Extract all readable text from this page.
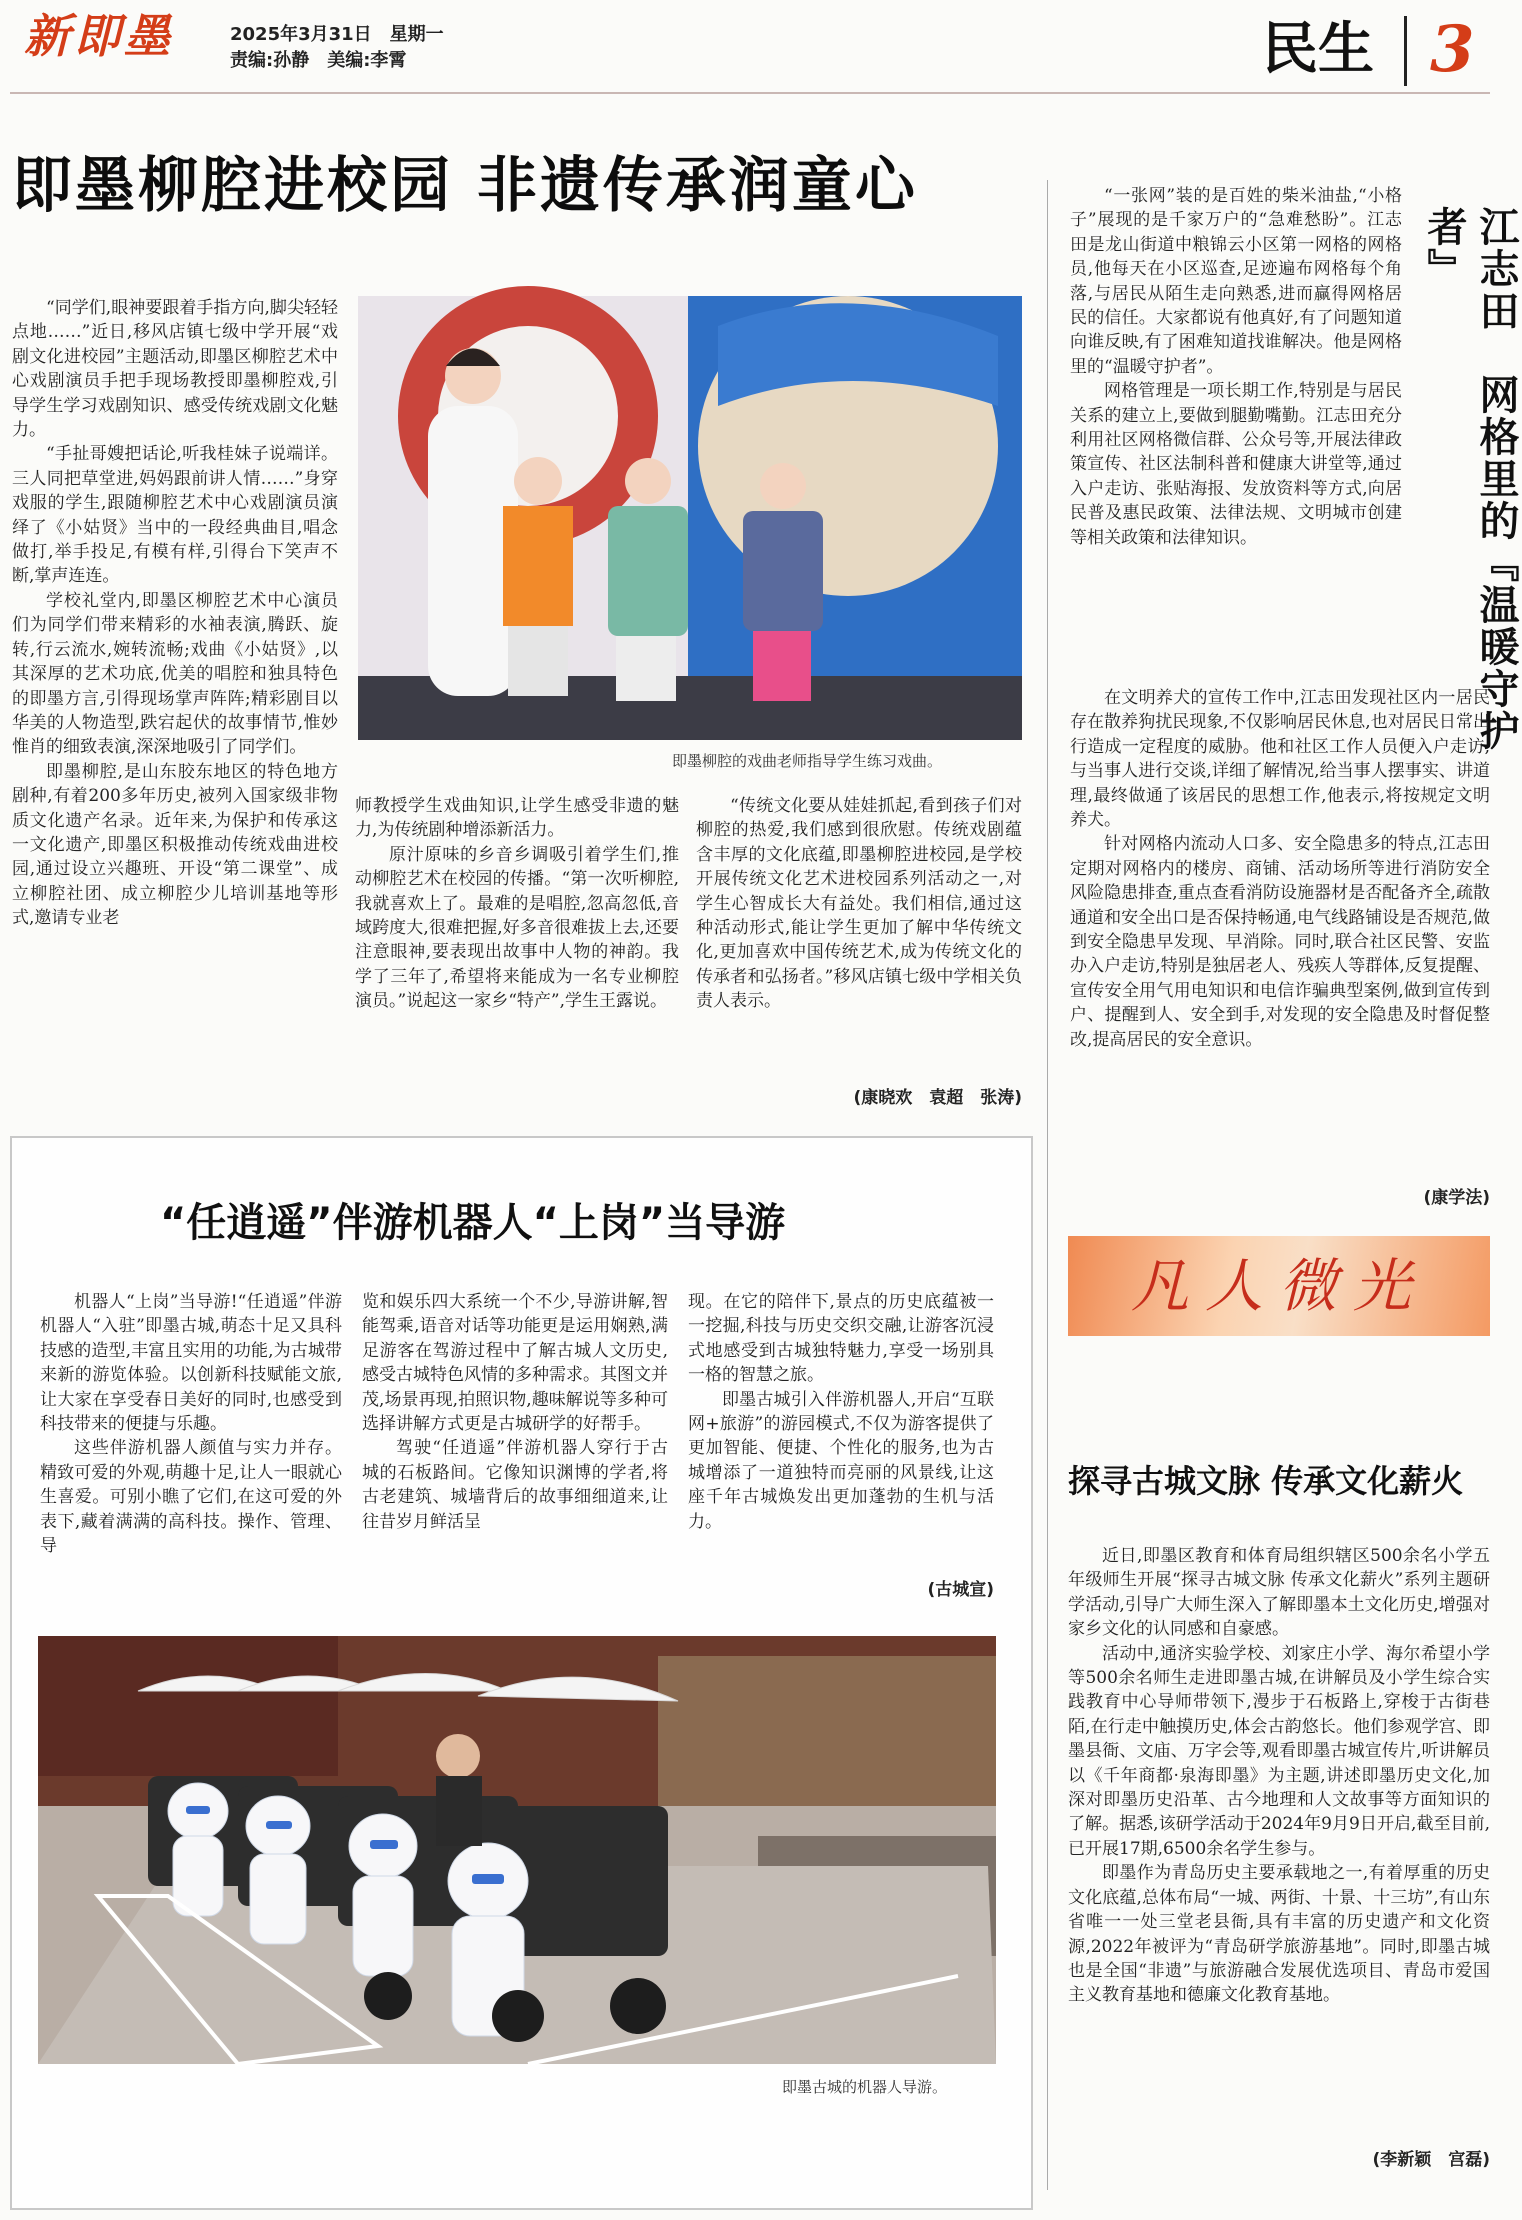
新即墨	2025年3月31日　星期一
责编:孙静　美编:李霄	民生 3
即墨柳腔进校园 非遗传承润童心
即墨柳腔的戏曲老师指导学生练习戏曲。

“同学们,眼神要跟着手指方向,脚尖轻轻点地……”近日,移风店镇七级中学开展“戏剧文化进校园”主题活动,即墨区柳腔艺术中心戏剧演员手把手现场教授即墨柳腔戏,引导学生学习戏剧知识、感受传统戏剧文化魅力。

“手扯哥嫂把话论,听我桂妹子说端详。三人同把草堂进,妈妈跟前讲人情……”身穿戏服的学生,跟随柳腔艺术中心戏剧演员演绎了《小姑贤》当中的一段经典曲目,唱念做打,举手投足,有模有样,引得台下笑声不断,掌声连连。

学校礼堂内,即墨区柳腔艺术中心演员们为同学们带来精彩的水袖表演,腾跃、旋转,行云流水,婉转流畅;戏曲《小姑贤》,以其深厚的艺术功底,优美的唱腔和独具特色的即墨方言,引得现场掌声阵阵;精彩剧目以华美的人物造型,跌宕起伏的故事情节,惟妙惟肖的细致表演,深深地吸引了同学们。

即墨柳腔,是山东胶东地区的特色地方剧种,有着200多年历史,被列入国家级非物质文化遗产名录。近年来,为保护和传承这一文化遗产,即墨区积极推动传统戏曲进校园,通过设立兴趣班、开设“第二课堂”、成立柳腔社团、成立柳腔少儿培训基地等形式,邀请专业老

师教授学生戏曲知识,让学生感受非遗的魅力,为传统剧种增添新活力。

原汁原味的乡音乡调吸引着学生们,推动柳腔艺术在校园的传播。“第一次听柳腔,我就喜欢上了。最难的是唱腔,忽高忽低,音域跨度大,很难把握,好多音很难拔上去,还要注意眼神,要表现出故事中人物的神韵。我学了三年了,希望将来能成为一名专业柳腔演员。”说起这一家乡“特产”,学生王露说。

“传统文化要从娃娃抓起,看到孩子们对柳腔的热爱,我们感到很欣慰。传统戏剧蕴含丰厚的文化底蕴,即墨柳腔进校园,是学校开展传统文化艺术进校园系列活动之一,对学生心智成长大有益处。我们相信,通过这种活动形式,能让学生更加了解中华传统文化,更加喜欢中国传统艺术,成为传统文化的传承者和弘扬者。”移风店镇七级中学相关负责人表示。

(康晓欢　袁超　张涛)
“任逍遥”伴游机器人“上岗”当导游

机器人“上岗”当导游!“任逍遥”伴游机器人“入驻”即墨古城,萌态十足又具科技感的造型,丰富且实用的功能,为古城带来新的游览体验。以创新科技赋能文旅,让大家在享受春日美好的同时,也感受到科技带来的便捷与乐趣。

这些伴游机器人颜值与实力并存。精致可爱的外观,萌趣十足,让人一眼就心生喜爱。可别小瞧了它们,在这可爱的外表下,藏着满满的高科技。操作、管理、导

览和娱乐四大系统一个不少,导游讲解,智能驾乘,语音对话等功能更是运用娴熟,满足游客在驾游过程中了解古城人文历史,感受古城特色风情的多种需求。其图文并茂,场景再现,拍照识物,趣味解说等多种可选择讲解方式更是古城研学的好帮手。

驾驶“任逍遥”伴游机器人穿行于古城的石板路间。它像知识渊博的学者,将古老建筑、城墙背后的故事细细道来,让往昔岁月鲜活呈

现。在它的陪伴下,景点的历史底蕴被一一挖掘,科技与历史交织交融,让游客沉浸式地感受到古城独特魅力,享受一场别具一格的智慧之旅。

即墨古城引入伴游机器人,开启“互联网+旅游”的游园模式,不仅为游客提供了更加智能、便捷、个性化的服务,也为古城增添了一道独特而亮丽的风景线,让这座千年古城焕发出更加蓬勃的生机与活力。

(古城宣)
即墨古城的机器人导游。
江志田　网格里的『温暖守护者』

“一张网”装的是百姓的柴米油盐,“小格子”展现的是千家万户的“急难愁盼”。江志田是龙山街道中粮锦云小区第一网格的网格员,他每天在小区巡查,足迹遍布网格每个角落,与居民从陌生走向熟悉,进而赢得网格居民的信任。大家都说有他真好,有了问题知道向谁反映,有了困难知道找谁解决。他是网格里的“温暖守护者”。

网格管理是一项长期工作,特别是与居民关系的建立上,要做到腿勤嘴勤。江志田充分利用社区网格微信群、公众号等,开展法律政策宣传、社区法制科普和健康大讲堂等,通过入户走访、张贴海报、发放资料等方式,向居民普及惠民政策、法律法规、文明城市创建等相关政策和法律知识。

在文明养犬的宣传工作中,江志田发现社区内一居民存在散养狗扰民现象,不仅影响居民休息,也对居民日常出行造成一定程度的威胁。他和社区工作人员便入户走访,与当事人进行交谈,详细了解情况,给当事人摆事实、讲道理,最终做通了该居民的思想工作,他表示,将按规定文明养犬。

针对网格内流动人口多、安全隐患多的特点,江志田定期对网格内的楼房、商铺、活动场所等进行消防安全风险隐患排查,重点查看消防设施器材是否配备齐全,疏散通道和安全出口是否保持畅通,电气线路铺设是否规范,做到安全隐患早发现、早消除。同时,联合社区民警、安监办入户走访,特别是独居老人、残疾人等群体,反复提醒、宣传安全用气用电知识和电信诈骗典型案例,做到宣传到户、提醒到人、安全到手,对发现的安全隐患及时督促整改,提高居民的安全意识。

(康学法)
凡人微光
探寻古城文脉 传承文化薪火

近日,即墨区教育和体育局组织辖区500余名小学五年级师生开展“探寻古城文脉 传承文化薪火”系列主题研学活动,引导广大师生深入了解即墨本土文化历史,增强对家乡文化的认同感和自豪感。

活动中,通济实验学校、刘家庄小学、海尔希望小学等500余名师生走进即墨古城,在讲解员及小学生综合实践教育中心导师带领下,漫步于石板路上,穿梭于古街巷陌,在行走中触摸历史,体会古韵悠长。他们参观学宫、即墨县衙、文庙、万字会等,观看即墨古城宣传片,听讲解员以《千年商都·泉海即墨》为主题,讲述即墨历史文化,加深对即墨历史沿革、古今地理和人文故事等方面知识的了解。据悉,该研学活动于2024年9月9日开启,截至目前,已开展17期,6500余名学生参与。

即墨作为青岛历史主要承载地之一,有着厚重的历史文化底蕴,总体布局“一城、两街、十景、十三坊”,有山东省唯一一处三堂老县衙,具有丰富的历史遗产和文化资源,2022年被评为“青岛研学旅游基地”。同时,即墨古城也是全国“非遗”与旅游融合发展优选项目、青岛市爱国主义教育基地和德廉文化教育基地。

(李新颖　宫磊)
